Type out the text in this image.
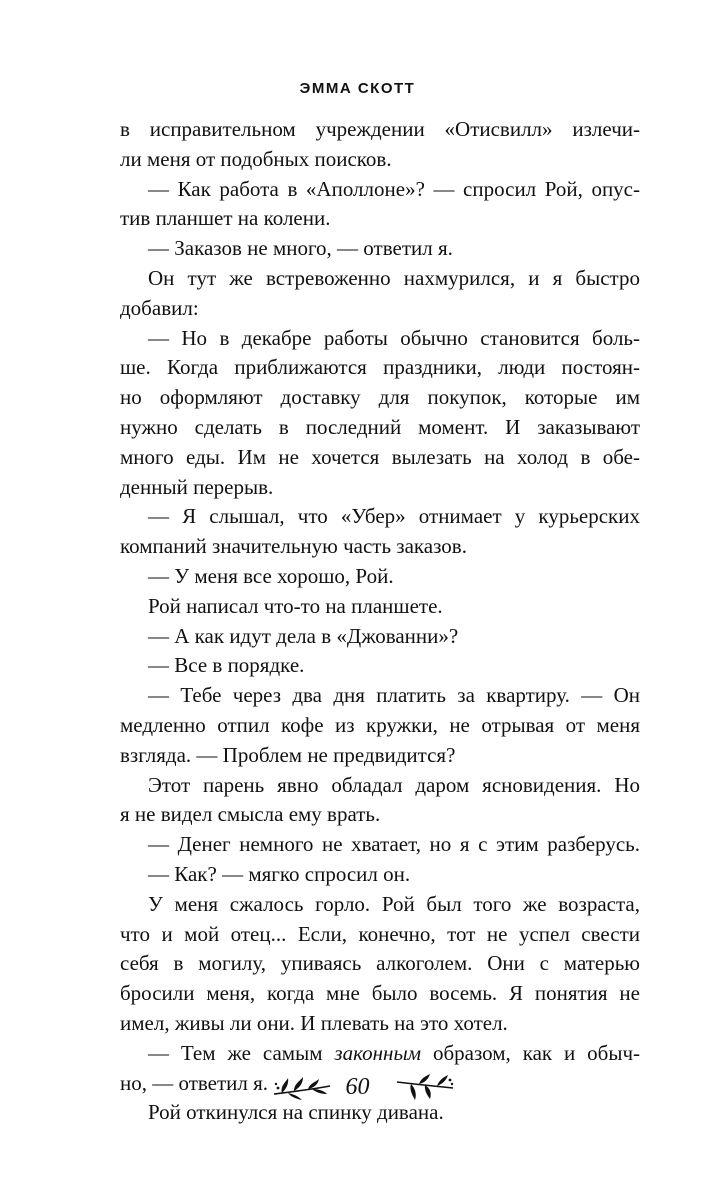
ЭММА СКОТТ
в исправительном учреждении «Отисвилл» излечи-
ли меня от подобных поисков.
— Как работа в «Аполлоне»? — спросил Рой, опус-
тив планшет на колени.
— Заказов не много, — ответил я.
Он тут же встревоженно нахмурился, и я быстро
добавил:
— Но в декабре работы обычно становится боль-
ше. Когда приближаются праздники, люди постоян-
но оформляют доставку для покупок, которые им
нужно сделать в последний момент. И заказывают
много еды. Им не хочется вылезать на холод в обе-
денный перерыв.
— Я слышал, что «Убер» отнимает у курьерских
компаний значительную часть заказов.
— У меня все хорошо, Рой.
Рой написал что-то на планшете.
— А как идут дела в «Джованни»?
— Все в порядке.
— Тебе через два дня платить за квартиру. — Он
медленно отпил кофе из кружки, не отрывая от меня
взгляда. — Проблем не предвидится?
Этот парень явно обладал даром ясновидения. Но
я не видел смысла ему врать.
— Денег немного не хватает, но я с этим разберусь.
— Как? — мягко спросил он.
У меня сжалось горло. Рой был того же возраста,
что и мой отец... Если, конечно, тот не успел свести
себя в могилу, упиваясь алкоголем. Они с матерью
бросили меня, когда мне было восемь. Я понятия не
имел, живы ли они. И плевать на это хотел.
— Тем же самым законным образом, как и обыч-
но, — ответил я.
Рой откинулся на спинку дивана.
60
